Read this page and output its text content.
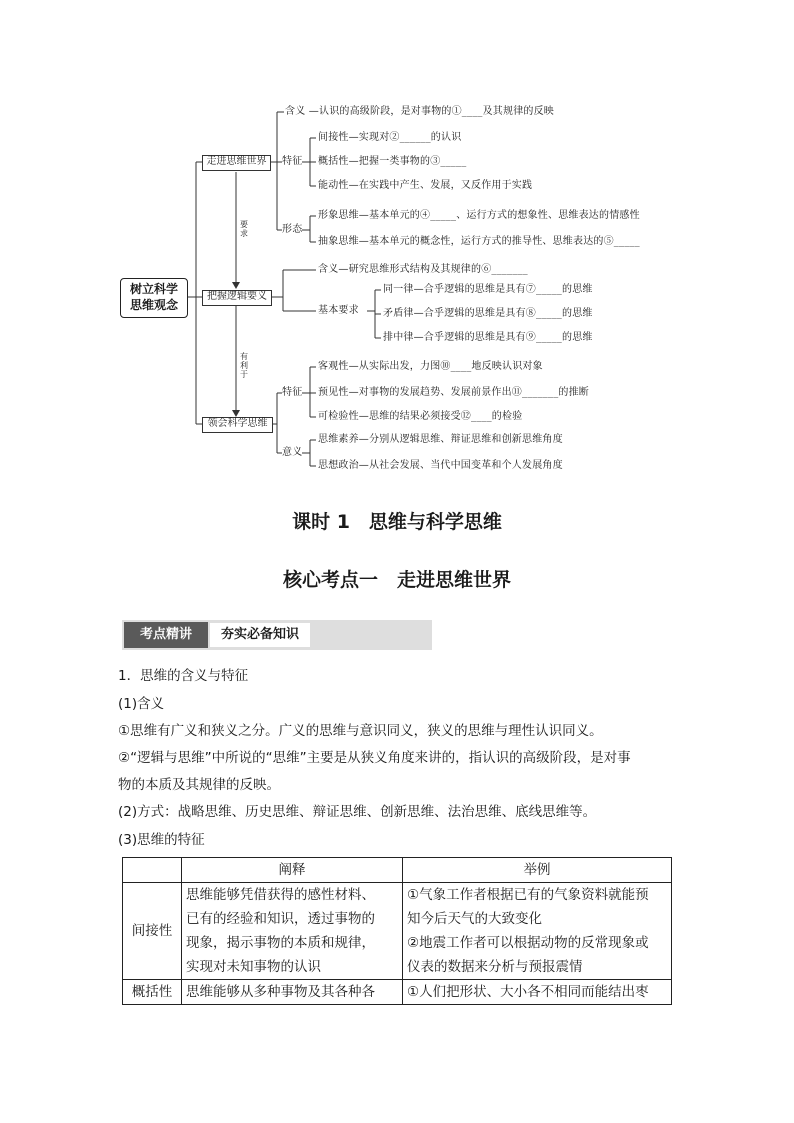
树立科学
思维观念
走进思维世界
含义 —认识的高级阶段，是对事物的①____及其规律的反映
特征
间接性—实现对②______的认识
概括性—把握一类事物的③_____
能动性—在实践中产生、发展，又反作用于实践
形态
形象思维—基本单元的④_____、运行方式的想象性、思维表达的情感性
抽象思维—基本单元的概念性，运行方式的推导性、思维表达的⑤_____
要
求
把握逻辑要义
含义—研究思维形式结构及其规律的⑥_______
基本要求
同一律—合乎逻辑的思维是具有⑦_____的思维
矛盾律—合乎逻辑的思维是具有⑧_____的思维
排中律—合乎逻辑的思维是具有⑨_____的思维
有
利
于
领会科学思维
特征
客观性—从实际出发，力图⑩____地反映认识对象
预见性—对事物的发展趋势、发展前景作出⑪_______的推断
可检验性—思维的结果必须接受⑫____的检验
意义
思维素养—分别从逻辑思维、辩证思维和创新思维角度
思想政治—从社会发展、当代中国变革和个人发展角度
课时 1　思维与科学思维
核心考点一　走进思维世界
考点精讲	夯实必备知识
1．思维的含义与特征
(1)含义
①思维有广义和狭义之分。广义的思维与意识同义，狭义的思维与理性认识同义。
②“逻辑与思维”中所说的“思维”主要是从狭义角度来讲的，指认识的高级阶段，是对事
物的本质及其规律的反映。
(2)方式：战略思维、历史思维、辩证思维、创新思维、法治思维、底线思维等。
(3)思维的特征
	阐释	举例
间接性	思维能够凭借获得的感性材料、
已有的经验和知识，透过事物的
现象，揭示事物的本质和规律，
实现对未知事物的认识	①气象工作者根据已有的气象资料就能预
知今后天气的大致变化
②地震工作者可以根据动物的反常现象或
仪表的数据来分析与预报震情

概括性	思维能够从多种事物及其各种各	①人们把形状、大小各不相同而能结出枣
